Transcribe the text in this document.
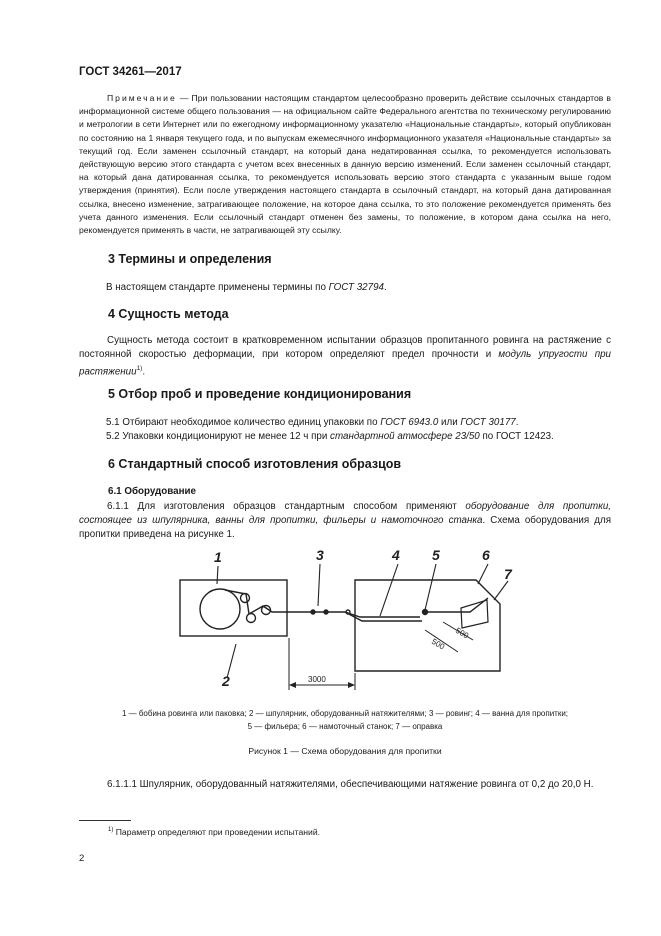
ГОСТ 34261—2017
Примечание — При пользовании настоящим стандартом целесообразно проверить действие ссылочных стандартов в информационной системе общего пользования — на официальном сайте Федерального агентства по техническому регулированию и метрологии в сети Интернет или по ежегодному информационному указателю «Национальные стандарты», который опубликован по состоянию на 1 января текущего года, и по выпускам ежемесячного информационного указателя «Национальные стандарты» за текущий год. Если заменен ссылочный стандарт, на который дана недатированная ссылка, то рекомендуется использовать действующую версию этого стандарта с учетом всех внесенных в данную версию изменений. Если заменен ссылочный стандарт, на который дана датированная ссылка, то рекомендуется использовать версию этого стандарта с указанным выше годом утверждения (принятия). Если после утверждения настоящего стандарта в ссылочный стандарт, на который дана датированная ссылка, внесено изменение, затрагивающее положение, на которое дана ссылка, то это положение рекомендуется применять без учета данного изменения. Если ссылочный стандарт отменен без замены, то положение, в котором дана ссылка на него, рекомендуется применять в части, не затрагивающей эту ссылку.
3 Термины и определения
В настоящем стандарте применены термины по ГОСТ 32794.
4 Сущность метода
Сущность метода состоит в кратковременном испытании образцов пропитанного ровинга на растяжение с постоянной скоростью деформации, при котором определяют предел прочности и модуль упругости при растяжении$^{1)}$.
5 Отбор проб и проведение кондиционирования
5.1 Отбирают необходимое количество единиц упаковки по ГОСТ 6943.0 или ГОСТ 30177.
5.2 Упаковки кондиционируют не менее 12 ч при стандартной атмосфере 23/50 по ГОСТ 12423.
6 Стандартный способ изготовления образцов
6.1 Оборудование
6.1.1 Для изготовления образцов стандартным способом применяют оборудование для пропитки, состоящее из шпулярника, ванны для пропитки, фильеры и намоточного станка. Схема оборудования для пропитки приведена на рисунке 1.
1
2
3	4 5	6
7
3000
500
500
1 — бобина ровинга или паковка; 2 — шпулярник, оборудованный натяжителями; 3 — ровинг; 4 — ванна для пропитки;
5 — фильера; 6 — намоточный станок; 7 — оправка
Рисунок 1 — Схема оборудования для пропитки
6.1.1.1 Шпулярник, оборудованный натяжителями, обеспечивающими натяжение ровинга от 0,2 до 20,0 Н.
$^{1)}$ Параметр определяют при проведении испытаний.
2
